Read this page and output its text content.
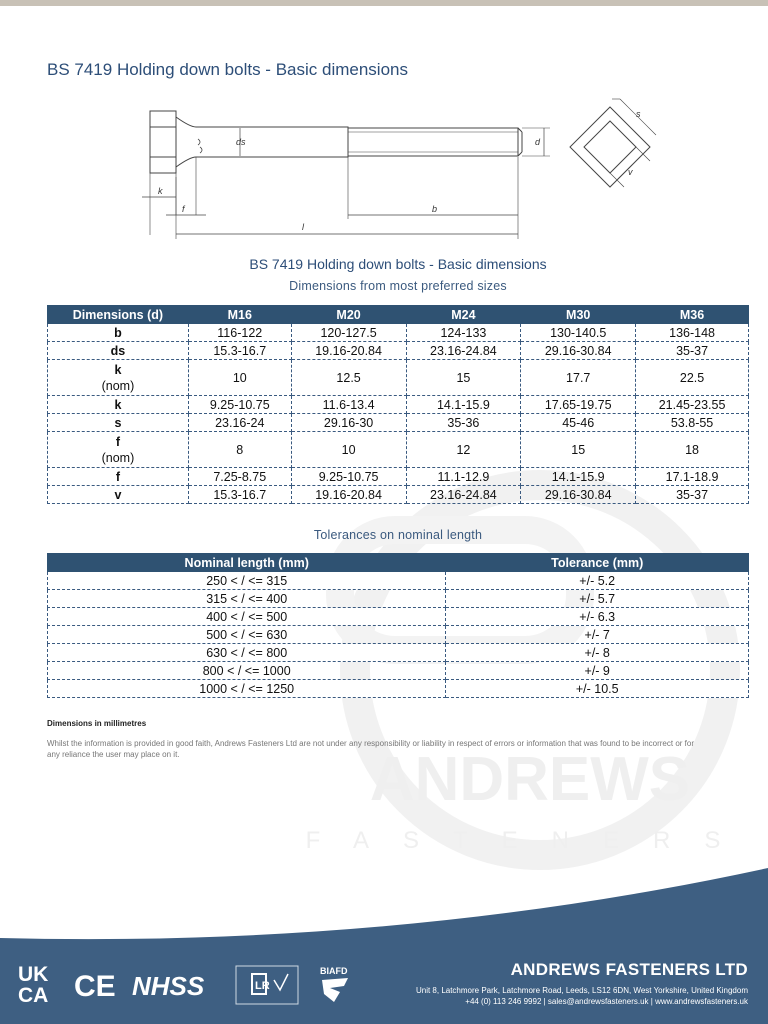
ANDREWS
FASTENERS
BS 7419 Holding down bolts - Basic dimensions
k
f
ds
l
b
d
s
v
BS 7419 Holding down bolts - Basic dimensions
Dimensions from most preferred sizes
Dimensions (d)	M16	M20	M24	M30	M36

b	116-122	120-127.5	124-133	130-140.5	136-148

ds	15.3-16.7	19.16-20.84	23.16-24.84	29.16-30.84	35-37

k
(nom)	10	12.5	15	17.7	22.5

k	9.25-10.75	11.6-13.4	14.1-15.9	17.65-19.75	21.45-23.55

s	23.16-24	29.16-30	35-36	45-46	53.8-55

f
(nom)	8	10	12	15	18

f	7.25-8.75	9.25-10.75	11.1-12.9	14.1-15.9	17.1-18.9

v	15.3-16.7	19.16-20.84	23.16-24.84	29.16-30.84	35-37
Tolerances on nominal length
Nominal length (mm)	Tolerance (mm)
250 < / <= 315	+/- 5.2
315 < / <= 400	+/- 5.7
400 < / <= 500	+/- 6.3
500 < / <= 630	+/- 7
630 < / <= 800	+/- 8
800 < / <= 1000	+/- 9
1000 < / <= 1250	+/- 10.5
Dimensions in millimetres
Whilst the information is provided in good faith, Andrews Fasteners Ltd are not under any responsibility or liability in respect of errors or information that was found to be incorrect or for any reliance the user may place on it.
UK
CA CE NHSS	LR
BIAFD	ANDREWS FASTENERS LTD
Unit 8, Latchmore Park, Latchmore Road, Leeds, LS12 6DN, West Yorkshire, United Kingdom
+44 (0) 113 246 9992 | sales@andrewsfasteners.uk | www.andrewsfasteners.uk
